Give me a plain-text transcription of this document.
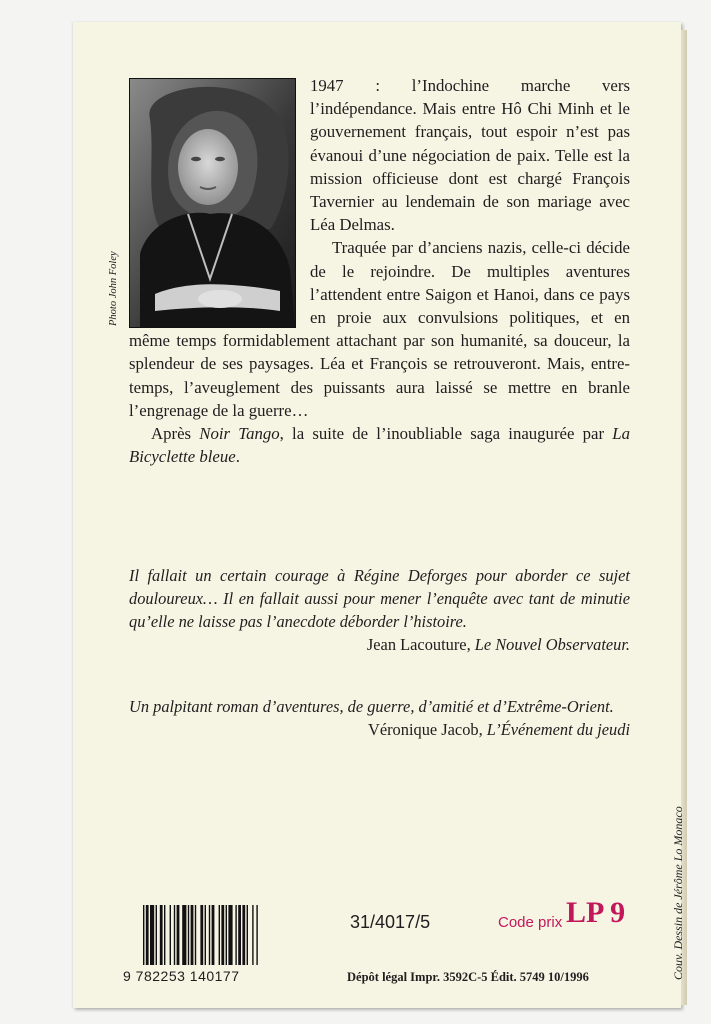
Photo John Foley

1947 : l’Indochine marche vers l’indépendance. Mais entre Hô Chi Minh et le gouvernement français, tout espoir n’est pas évanoui d’une négociation de paix. Telle est la mission officieuse dont est chargé François Tavernier au lendemain de son mariage avec Léa Delmas.

Traquée par d’anciens nazis, celle-ci décide de le rejoindre. De multiples aventures l’attendent entre Saigon et Hanoi, dans ce pays en proie aux convulsions politiques, et en même temps formidablement attachant par son humanité, sa douceur, la splendeur de ses paysages. Léa et François se retrouveront. Mais, entre-temps, l’aveuglement des puissants aura laissé se mettre en branle l’engrenage de la guerre…

Après Noir Tango, la suite de l’inoubliable saga inaugurée par La Bicyclette bleue.

Il fallait un certain courage à Régine Deforges pour aborder ce sujet douloureux… Il en fallait aussi pour mener l’enquête avec tant de minutie qu’elle ne laisse pas l’anecdote déborder l’histoire.

Jean Lacouture, Le Nouvel Observateur.

Un palpitant roman d’aventures, de guerre, d’amitié et d’Extrême-Orient.

Véronique Jacob, L’Événement du jeudi

9 782253 140177
31/4017/5	Code prix LP 9
Dépôt légal Impr. 3592C-5 Édit. 5749 10/1996	Couv. Dessin de Jérôme Lo Monaco
